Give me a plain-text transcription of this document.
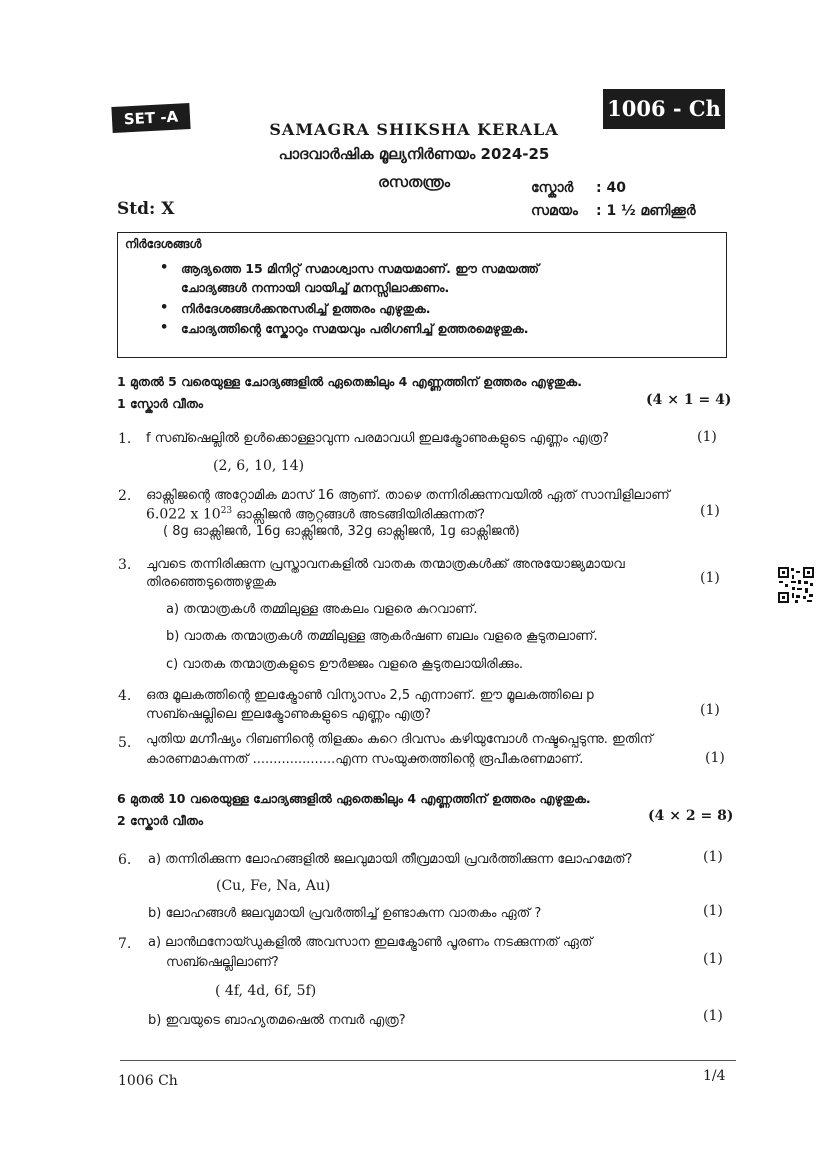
SET -A	1006 - Ch
SAMAGRA SHIKSHA KERALA
പാദവാർഷിക മൂല്യനിർണയം 2024-25
രസതന്ത്രം
Std: X
സ്കോർ : 40
സമയം : 1 ½ മണിക്കൂർ
നിർദേശങ്ങൾ
• ആദ്യത്തെ 15 മിനിറ്റ് സമാശ്വാസ സമയമാണ്. ഈ സമയത്ത്
ചോദ്യങ്ങൾ നന്നായി വായിച്ച് മനസ്സിലാക്കണം.
• നിർദേശങ്ങൾക്കനുസരിച്ച് ഉത്തരം എഴുതുക.
• ചോദ്യത്തിന്റെ സ്കോറും സമയവും പരിഗണിച്ച് ഉത്തരമെഴുതുക.
1 മുതൽ 5 വരെയുള്ള ചോദ്യങ്ങളിൽ ഏതെങ്കിലും 4 എണ്ണത്തിന് ഉത്തരം എഴുതുക.
1 സ്കോർ വീതം	(4 × 1 = 4)
1. f സബ്ഷെല്ലിൽ ഉൾക്കൊള്ളാവുന്ന പരമാവധി ഇലക്ട്രോണുകളുടെ എണ്ണം എത്ര?	(1)
(2, 6, 10, 14)
2. ഓക്സിജന്റെ അറ്റോമിക മാസ് 16 ആണ്. താഴെ തന്നിരിക്കുന്നവയിൽ ഏത് സാമ്പിളിലാണ്
6.022 x $10^{23}$ ഓക്സിജൻ ആറ്റങ്ങൾ അടങ്ങിയിരിക്കുന്നത്?	(1)
( 8g ഓക്സിജൻ, 16g ഓക്സിജൻ, 32g ഓക്സിജൻ, 1g ഓക്സിജൻ)
3. ചുവടെ തന്നിരിക്കുന്ന പ്രസ്താവനകളിൽ വാതക തന്മാത്രകൾക്ക് അനുയോജ്യമായവ
തിരഞ്ഞെടുത്തെഴുതുക	(1)
a) തന്മാത്രകൾ തമ്മിലുള്ള അകലം വളരെ കുറവാണ്.
b) വാതക തന്മാത്രകൾ തമ്മിലുള്ള ആകർഷണ ബലം വളരെ കൂടുതലാണ്.
c) വാതക തന്മാത്രകളുടെ ഊർജ്ജം വളരെ കൂടുതലായിരിക്കും.
4. ഒരു മൂലകത്തിന്റെ ഇലക്ട്രോൺ വിന്യാസം 2,5 എന്നാണ്. ഈ മൂലകത്തിലെ p
സബ്ഷെല്ലിലെ ഇലക്ട്രോണുകളുടെ എണ്ണം എത്ര?	(1)
5. പുതിയ മഗ്നീഷ്യം റിബണിന്റെ തിളക്കം കുറെ ദിവസം കഴിയുമ്പോൾ നഷ്ടപ്പെടുന്നു. ഇതിന്
കാരണമാകുന്നത് ....................എന്ന സംയുക്തത്തിന്റെ രൂപീകരണമാണ്.	(1)
6 മുതൽ 10 വരെയുള്ള ചോദ്യങ്ങളിൽ ഏതെങ്കിലും 4 എണ്ണത്തിന് ഉത്തരം എഴുതുക.
2 സ്കോർ വീതം	(4 × 2 = 8)
6. a) തന്നിരിക്കുന്ന ലോഹങ്ങളിൽ ജലവുമായി തീവ്രമായി പ്രവർത്തിക്കുന്ന ലോഹമേത്?	(1)
(Cu, Fe, Na, Au)
b) ലോഹങ്ങൾ ജലവുമായി പ്രവർത്തിച്ച് ഉണ്ടാകുന്ന വാതകം ഏത് ?	(1)
7. a) ലാൻഥനോയ്ഡുകളിൽ അവസാന ഇലക്ട്രോൺ പൂരണം നടക്കുന്നത് ഏത്
സബ്ഷെല്ലിലാണ്?	(1)
( 4f, 4d, 6f, 5f)
b) ഇവയുടെ ബാഹ്യതമഷെൽ നമ്പർ എത്ര?	(1)
1006 Ch	1/4
